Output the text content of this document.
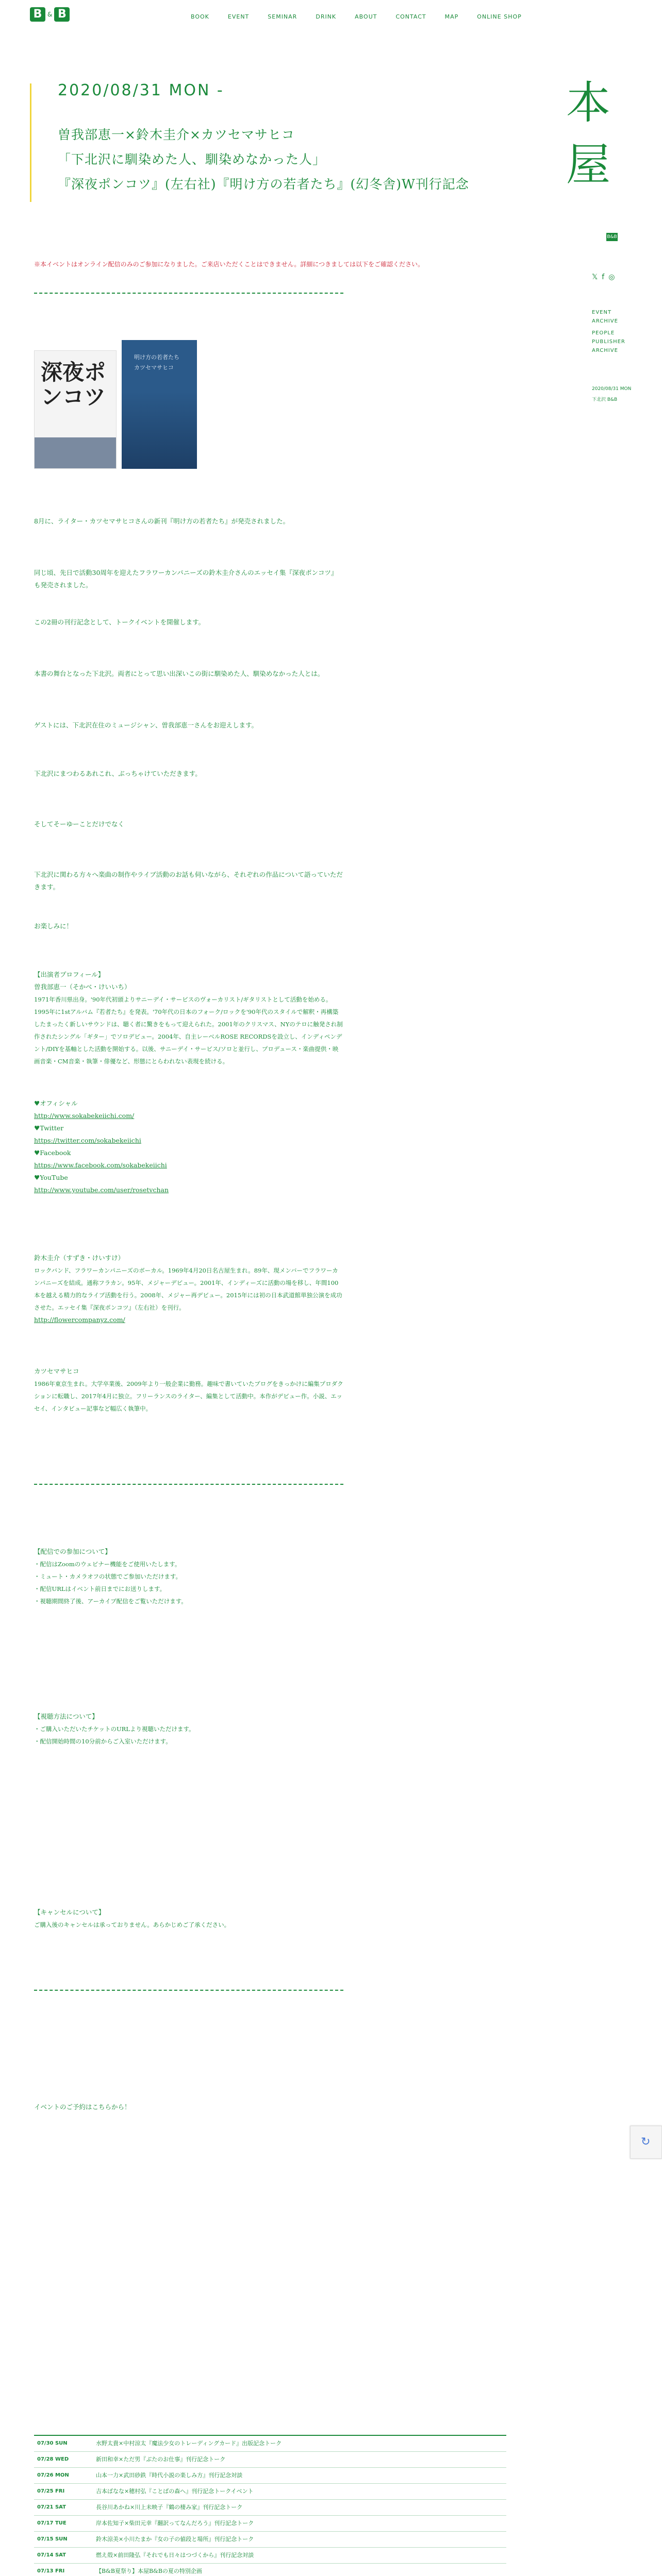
B & B	BOOK	EVENT	SEMINAR	DRINK	ABOUT	CONTACT	MAP	ONLINE SHOP
2020/08/31 MON -
曽我部恵一×鈴木圭介×カツセマサヒコ
「下北沢に馴染めた人、馴染めなかった人」
『深夜ポンコツ』(左右社)『明け方の若者たち』(幻冬舎)W刊行記念
※本イベントはオンライン配信のみのご参加になりました。ご来店いただくことはできません。詳細につきましては以下をご確認ください。
深夜ポンコツ
明け方の若者たち カツセマサヒコ
8月に、ライター・カツセマサヒコさんの新刊『明け方の若者たち』が発売されました。
同じ頃、先日で活動30周年を迎えたフラワーカンパニーズの鈴木圭介さんのエッセイ集『深夜ポンコツ』も発売されました。
この2冊の刊行記念として、トークイベントを開催します。
本書の舞台となった下北沢。両者にとって思い出深いこの街に馴染めた人、馴染めなかった人とは。
ゲストには、下北沢在住のミュージシャン、曽我部恵一さんをお迎えします。
下北沢にまつわるあれこれ、ぶっちゃけていただきます。
そしてそーゆーことだけでなく
下北沢に関わる方々へ楽曲の制作やライブ活動のお話も伺いながら、それぞれの作品について語っていただきます。
お楽しみに！
【出演者プロフィール】
曽我部恵一（そかべ・けいいち）
1971年香川県出身。'90年代初頭よりサニーデイ・サービスのヴォーカリスト/ギタリストとして活動を始める。1995年に1stアルバム『若者たち』を発表。'70年代の日本のフォーク/ロックを'90年代のスタイルで解釈・再構築したまったく新しいサウンドは、聴く者に驚きをもって迎えられた。2001年のクリスマス、NYのテロに触発され制作されたシングル「ギター」でソロデビュー。2004年、自主レーベルROSE RECORDSを設立し、インディペンデント/DIYを基軸とした活動を開始する。以後、サニーデイ・サービス/ソロと並行し、プロデュース・楽曲提供・映画音楽・CM音楽・執筆・俳優など、形態にとらわれない表現を続ける。
♥オフィシャル
http://www.sokabekeiichi.com/
♥Twitter
https://twitter.com/sokabekeiichi
♥Facebook
https://www.facebook.com/sokabekeiichi
♥YouTube
http://www.youtube.com/user/rosetvchan
鈴木圭介（すずき・けいすけ）
ロックバンド、フラワーカンパニーズのボーカル。1969年4月20日名古屋生まれ。89年、現メンバーでフラワーカンパニーズを結成。通称フラカン。95年、メジャーデビュー。2001年、インディーズに活動の場を移し、年間100本を越える精力的なライブ活動を行う。2008年、メジャー再デビュー。2015年には初の日本武道館単独公演を成功させた。エッセイ集『深夜ポンコツ』（左右社）を刊行。
http://flowercompanyz.com/
カツセマサヒコ
1986年東京生まれ。大学卒業後、2009年より一般企業に勤務。趣味で書いていたブログをきっかけに編集プロダクションに転職し、2017年4月に独立。フリーランスのライター、編集として活動中。本作がデビュー作。小説、エッセイ、インタビュー記事など幅広く執筆中。
【配信での参加について】
・配信はZoomのウェビナー機能をご使用いたします。
・ミュート・カメラオフの状態でご参加いただけます。
・配信URLはイベント前日までにお送りします。
・視聴期間終了後、アーカイブ配信をご覧いただけます。
【視聴方法について】
・ご購入いただいたチケットのURLより視聴いただけます。
・配信開始時間の10分前からご入室いただけます。
【キャンセルについて】
ご購入後のキャンセルは承っておりません。あらかじめご了承ください。
イベントのご予約はこちらから！
本
屋
B&B
𝕏 f ◎
EVENT
ARCHIVE
PEOPLE
PUBLISHER
ARCHIVE
2020/08/31 MON
下北沢 B&B
↻
07/30 SUN	水野太貴×中村涼太『魔法少女のトレーディングカード』出版記念トーク
07/28 WED	新田和幸×ただ男『ぶたのお仕事』刊行記念トーク
07/26 MON	山本一力×武田砂鉄『時代小説の楽しみ方』刊行記念対談
07/25 FRI	吉本ばなな×穂村弘『ことばの森へ』刊行記念トークイベント
07/21 SAT	長谷川あかね×川上未映子『鶴の棲み家』刊行記念トーク
07/17 TUE	岸本佐知子×柴田元幸『翻訳ってなんだろう』刊行記念トーク
07/15 SUN	鈴木涼美×小川たまか『女の子の値段と場所』刊行記念トーク
07/14 SAT	燃え殻×前田隆弘『それでも日々はつづくから』刊行記念対談
07/13 FRI	【B&B夏祭り】本屋B&Bの夏の特別企画
